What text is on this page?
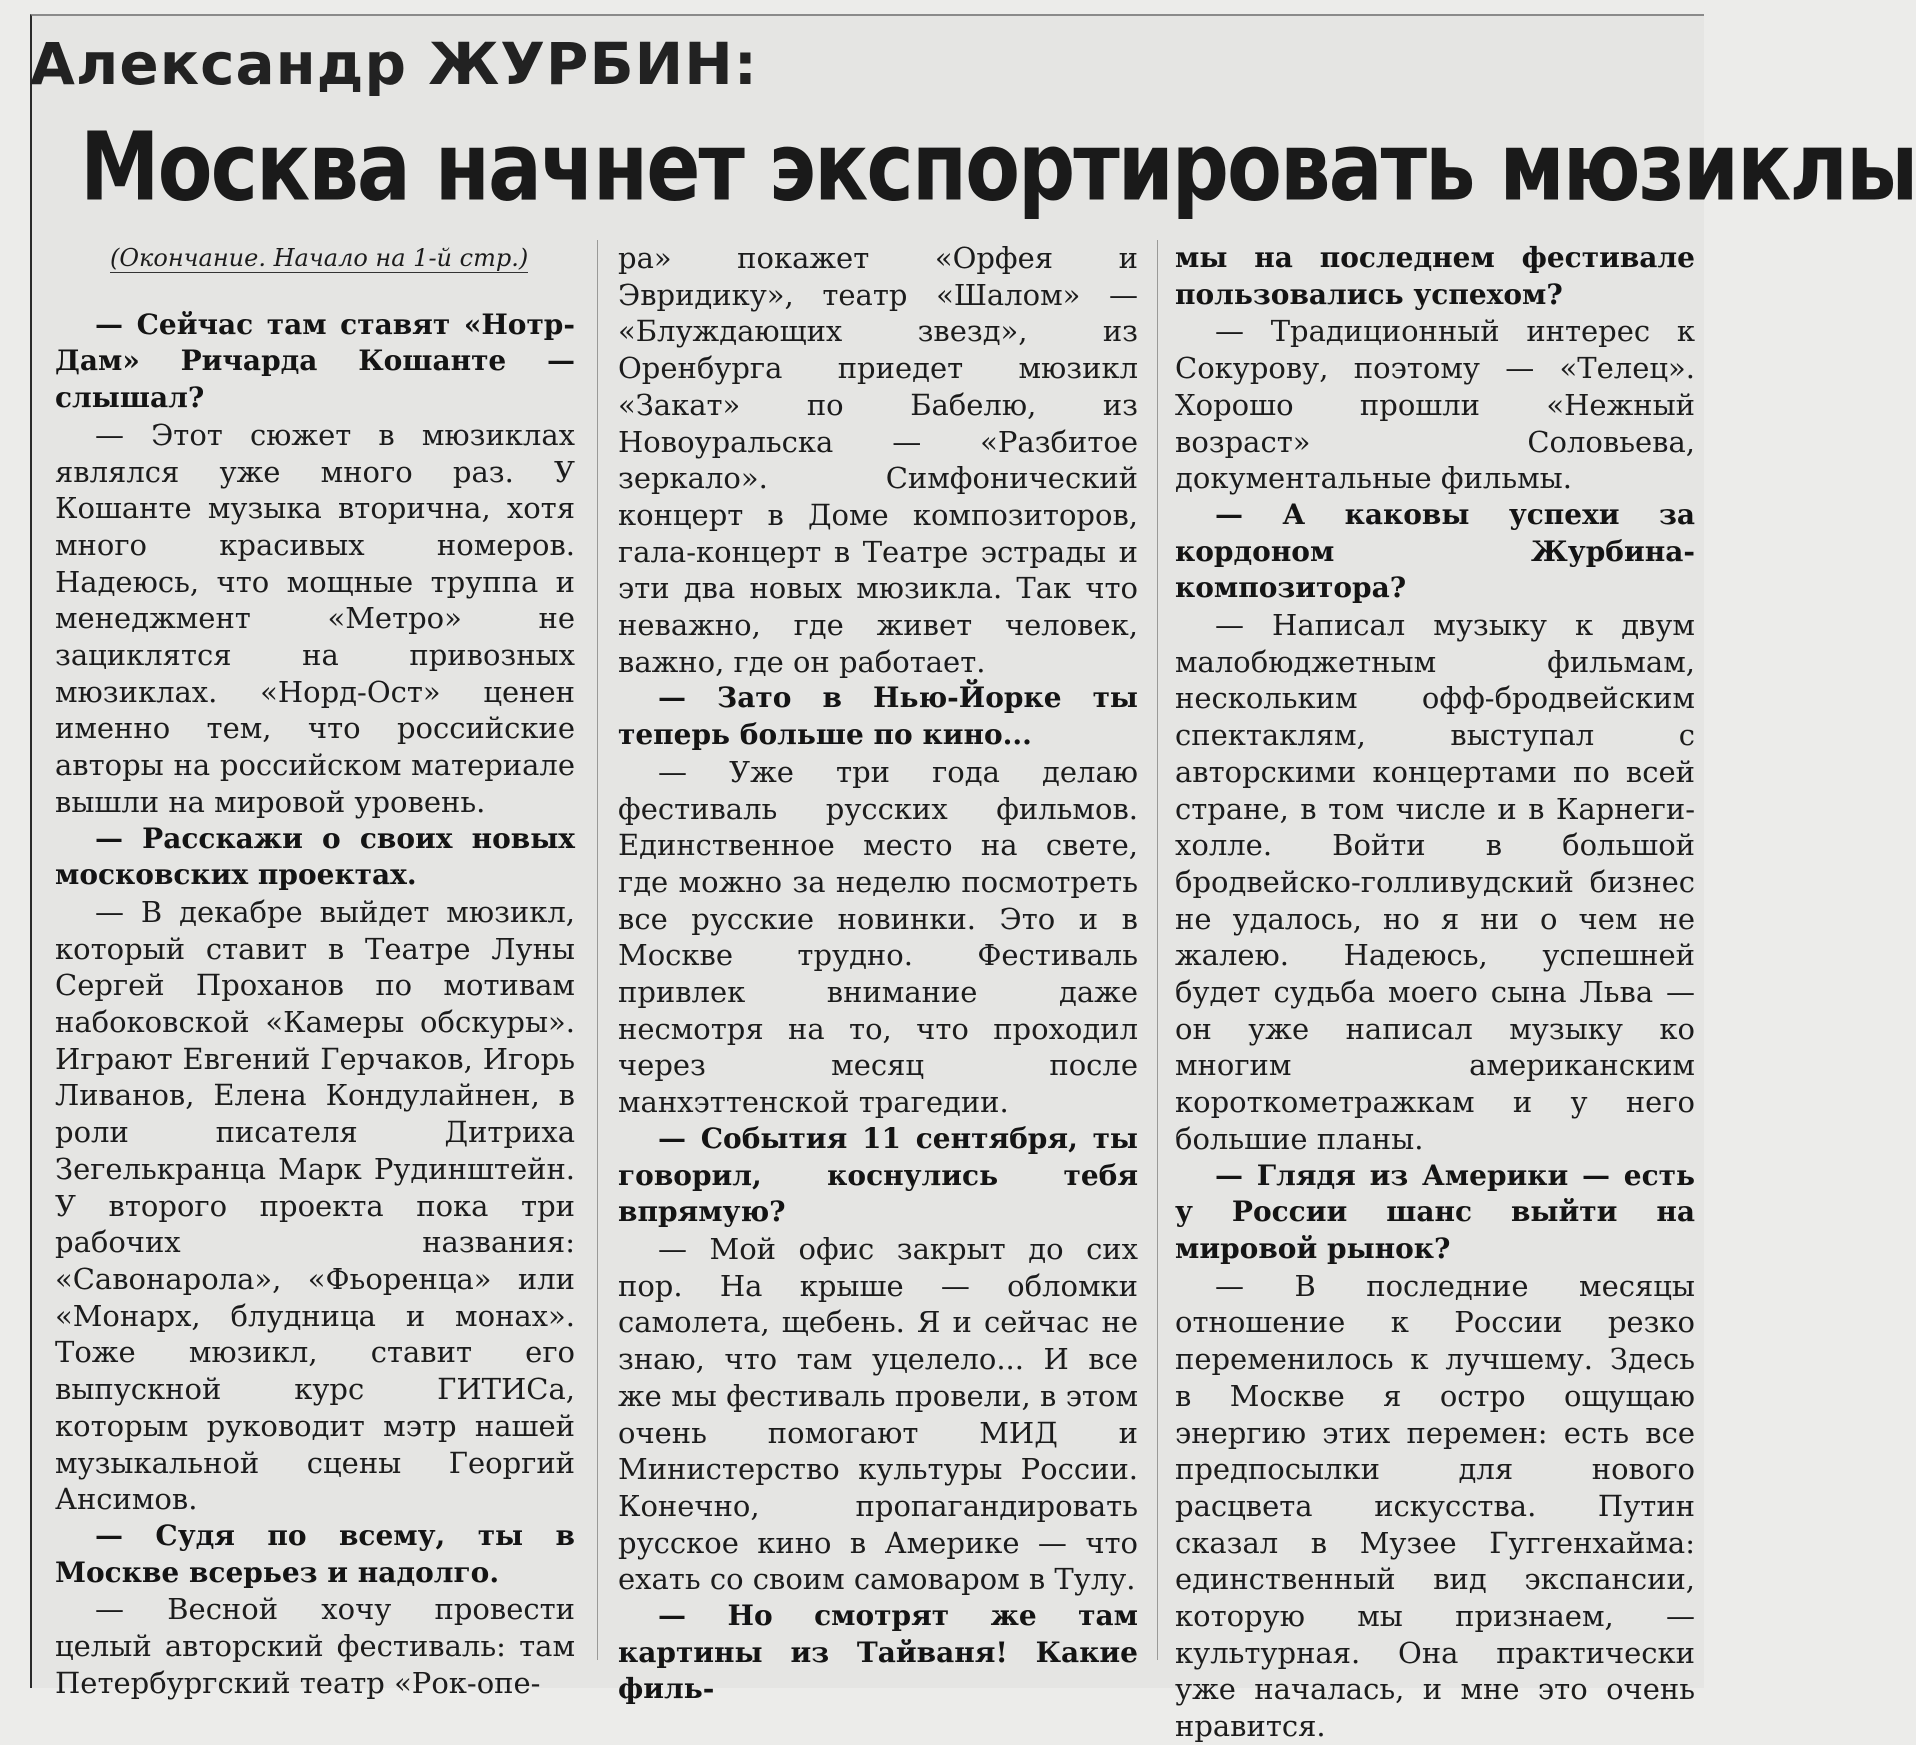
Александр ЖУРБИН:
Москва начнет экспортировать мюзиклы

(Окончание. Начало на 1-й стр.)

— Сейчас там ставят «Нотр-Дам» Ричарда Кошанте — слышал?

— Этот сюжет в мюзиклах являлся уже много раз. У Кошанте музыка вторична, хотя много красивых номеров. Надеюсь, что мощные труппа и менеджмент «Метро» не зациклятся на привозных мюзиклах. «Норд-Ост» ценен именно тем, что российские авторы на российском материале вышли на мировой уровень.

— Расскажи о своих новых московских проектах.

— В декабре выйдет мюзикл, который ставит в Театре Луны Сергей Проханов по мотивам набоковской «Камеры обскуры». Играют Евгений Герчаков, Игорь Ливанов, Елена Кондулайнен, в роли писателя Дитриха Зегелькранца Марк Рудинштейн. У второго проекта пока три рабочих названия: «Савонарола», «Фьоренца» или «Монарх, блудница и монах». Тоже мюзикл, ставит его выпускной курс ГИТИСа, которым руководит мэтр нашей музыкальной сцены Георгий Ансимов.

— Судя по всему, ты в Москве всерьез и надолго.

— Весной хочу провести целый авторский фестиваль: там Петербургский театр «Рок-опе-

ра» покажет «Орфея и Эвридику», театр «Шалом» — «Блуждающих звезд», из Оренбурга приедет мюзикл «Закат» по Бабелю, из Новоуральска — «Разбитое зеркало». Симфонический концерт в Доме композиторов, гала-концерт в Театре эстрады и эти два новых мюзикла. Так что неважно, где живет человек, важно, где он работает.

— Зато в Нью-Йорке ты теперь больше по кино...

— Уже три года делаю фестиваль русских фильмов. Единственное место на свете, где можно за неделю посмотреть все русские новинки. Это и в Москве трудно. Фестиваль привлек внимание даже несмотря на то, что проходил через месяц после манхэттенской трагедии.

— События 11 сентября, ты говорил, коснулись тебя впрямую?

— Мой офис закрыт до сих пор. На крыше — обломки самолета, щебень. Я и сейчас не знаю, что там уцелело... И все же мы фестиваль провели, в этом очень помогают МИД и Министерство культуры России. Конечно, пропагандировать русское кино в Америке — что ехать со своим самоваром в Тулу.

— Но смотрят же там картины из Тайваня! Какие филь-

мы на последнем фестивале пользовались успехом?

— Традиционный интерес к Сокурову, поэтому — «Телец». Хорошо прошли «Нежный возраст» Соловьева, документальные фильмы.

— А каковы успехи за кордоном Журбина-композитора?

— Написал музыку к двум малобюджетным фильмам, нескольким офф-бродвейским спектаклям, выступал с авторскими концертами по всей стране, в том числе и в Карнеги-холле. Войти в большой бродвейско-голливудский бизнес не удалось, но я ни о чем не жалею. Надеюсь, успешней будет судьба моего сына Льва — он уже написал музыку ко многим американским короткометражкам и у него большие планы.

— Глядя из Америки — есть у России шанс выйти на мировой рынок?

— В последние месяцы отношение к России резко переменилось к лучшему. Здесь в Москве я остро ощущаю энергию этих перемен: есть все предпосылки для нового расцвета искусства. Путин сказал в Музее Гуггенхайма: единственный вид экспансии, которую мы признаем, — культурная. Она практически уже началась, и мне это очень нравится.
